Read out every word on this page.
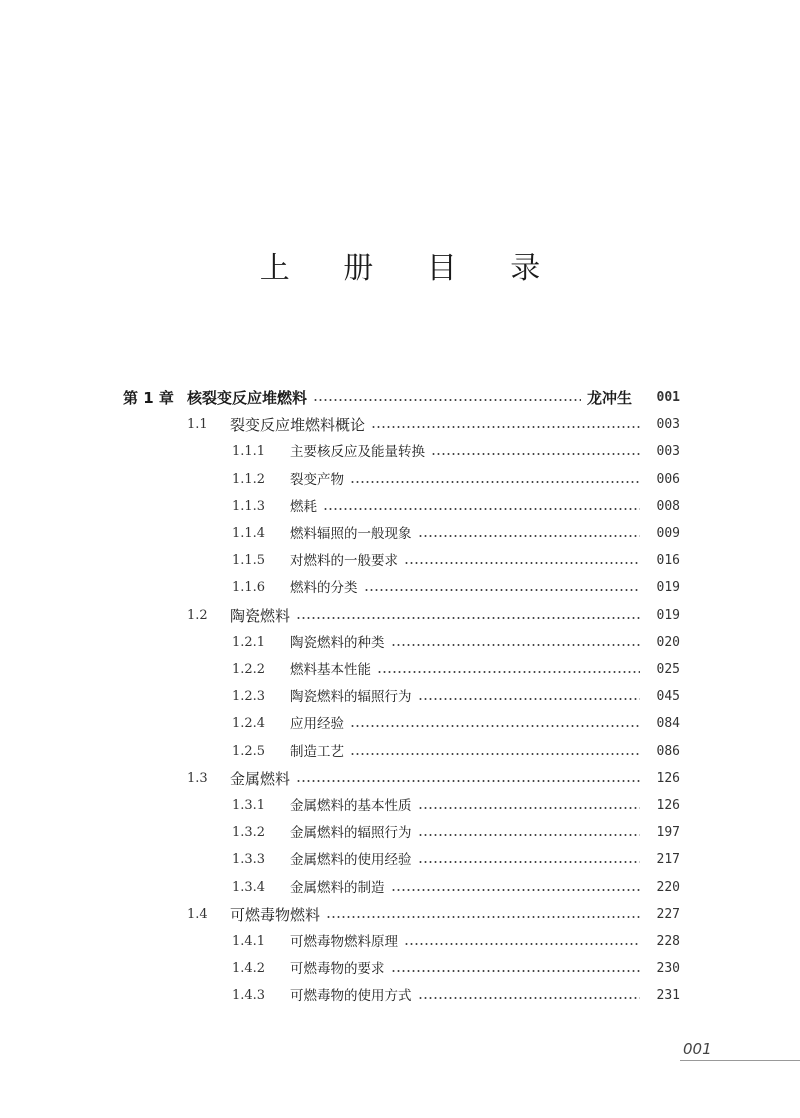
上 册 目 录
第 1 章 核裂变反应堆燃料	龙冲生	001
1.1	裂变反应堆燃料概论	003
1.1.1	主要核反应及能量转换	003
1.1.2	裂变产物	006
1.1.3	燃耗	008
1.1.4	燃料辐照的一般现象	009
1.1.5	对燃料的一般要求	016
1.1.6	燃料的分类	019
1.2	陶瓷燃料	019
1.2.1	陶瓷燃料的种类	020
1.2.2	燃料基本性能	025
1.2.3	陶瓷燃料的辐照行为	045
1.2.4	应用经验	084
1.2.5	制造工艺	086
1.3	金属燃料	126
1.3.1	金属燃料的基本性质	126
1.3.2	金属燃料的辐照行为	197
1.3.3	金属燃料的使用经验	217
1.3.4	金属燃料的制造	220
1.4	可燃毒物燃料	227
1.4.1	可燃毒物燃料原理	228
1.4.2	可燃毒物的要求	230
1.4.3	可燃毒物的使用方式	231
001
